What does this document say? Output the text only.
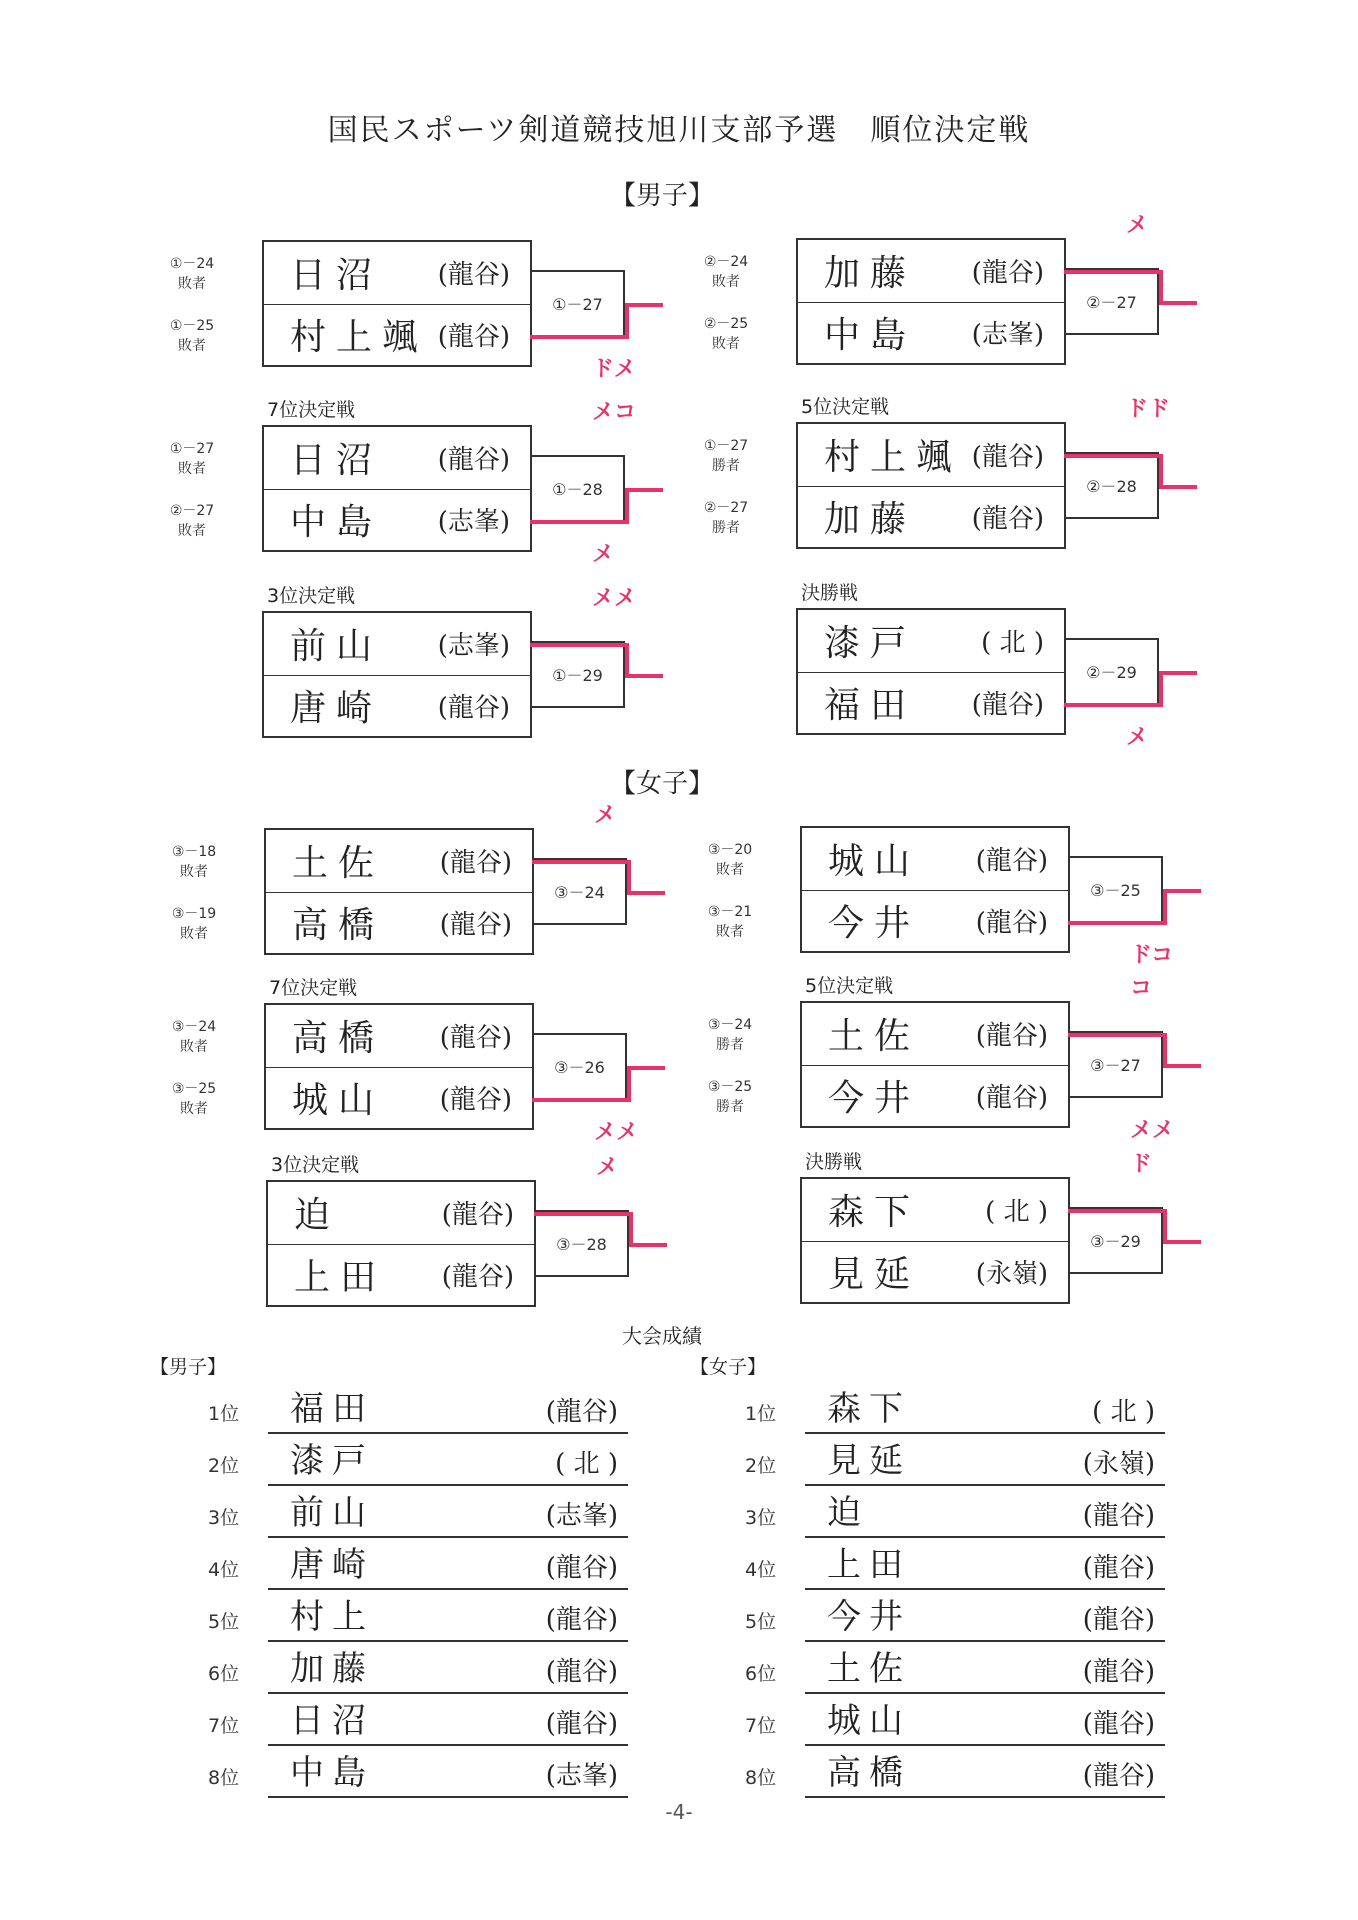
国民スポーツ剣道競技旭川支部予選　順位決定戦
【男子】
【女子】
①－24
敗者
①－25
敗者
日沼 (龍谷)
村上颯 (龍谷)
①－27
ドメ
②－24
敗者
②－25
敗者
加藤 (龍谷)
中島 (志峯)
②－27
メ
7位決定戦
①－27
敗者
②－27
敗者
日沼 (龍谷)
中島 (志峯)
①－28
メコ
メ
5位決定戦
①－27
勝者
②－27
勝者
村上颯 (龍谷)
加藤 (龍谷)
②－28
ドド
3位決定戦
前山 (志峯)
唐崎 (龍谷)
①－29
メメ	決勝戦
漆戸	( 北 )
福田 (龍谷)
②－29
メ
③－18
敗者
③－19
敗者
土佐 (龍谷)
高橋 (龍谷)
③－24
メ
③－20
敗者
③－21
敗者
城山 (龍谷)
今井 (龍谷)
③－25
ドコ
7位決定戦
③－24
敗者
③－25
敗者
高橋 (龍谷)
城山 (龍谷)
③－26
メメ
5位決定戦
③－24
勝者
③－25
勝者
土佐 (龍谷)
今井 (龍谷)
③－27
コ
メメ
3位決定戦
迫	(龍谷)
上田 (龍谷)
③－28
メ	決勝戦
森下	( 北 )
見延 (永嶺)
③－29
ド
大会成績
【男子】	【女子】
1位 福田	(龍谷)
2位 漆戸	( 北 )
3位 前山	(志峯)
4位 唐崎	(龍谷)
5位 村上	(龍谷)
6位 加藤	(龍谷)
7位 日沼	(龍谷)
8位 中島	(志峯)
1位 森下	( 北 )
2位 見延	(永嶺)
3位 迫	(龍谷)
4位 上田	(龍谷)
5位 今井	(龍谷)
6位 土佐	(龍谷)
7位 城山	(龍谷)
8位 高橋	(龍谷)
-4-
